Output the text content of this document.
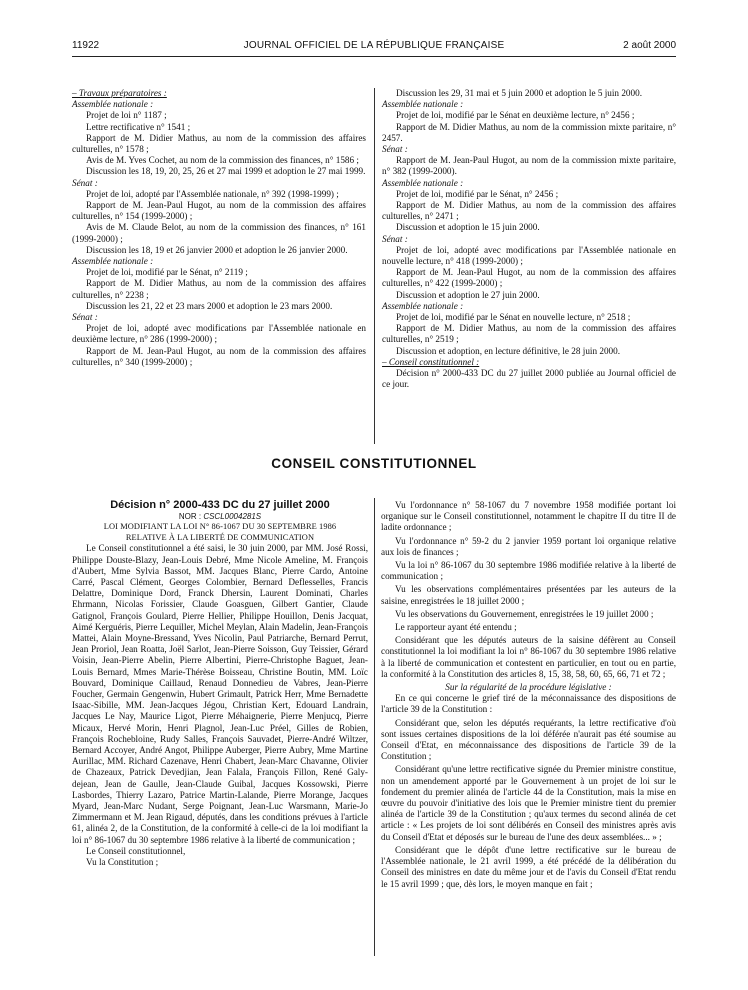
11922	JOURNAL OFFICIEL DE LA RÉPUBLIQUE FRANÇAISE	2 août 2000

– Travaux préparatoires :

Assemblée nationale :

Projet de loi n° 1187 ;

Lettre rectificative n° 1541 ;

Rapport de M. Didier Mathus, au nom de la commission des affaires culturelles, n° 1578 ;

Avis de M. Yves Cochet, au nom de la commission des finances, n° 1586 ;

Discussion les 18, 19, 20, 25, 26 et 27 mai 1999 et adoption le 27 mai 1999.

Sénat :

Projet de loi, adopté par l'Assemblée nationale, n° 392 (1998-1999) ;

Rapport de M. Jean-Paul Hugot, au nom de la commission des affaires culturelles, n° 154 (1999-2000) ;

Avis de M. Claude Belot, au nom de la commission des finances, n° 161 (1999-2000) ;

Discussion les 18, 19 et 26 janvier 2000 et adoption le 26 janvier 2000.

Assemblée nationale :

Projet de loi, modifié par le Sénat, n° 2119 ;

Rapport de M. Didier Mathus, au nom de la commission des affaires culturelles, n° 2238 ;

Discussion les 21, 22 et 23 mars 2000 et adoption le 23 mars 2000.

Sénat :

Projet de loi, adopté avec modifications par l'Assemblée nationale en deuxième lecture, n° 286 (1999-2000) ;

Rapport de M. Jean-Paul Hugot, au nom de la commission des affaires culturelles, n° 340 (1999-2000) ;

Discussion les 29, 31 mai et 5 juin 2000 et adoption le 5 juin 2000.

Assemblée nationale :

Projet de loi, modifié par le Sénat en deuxième lecture, n° 2456 ;

Rapport de M. Didier Mathus, au nom de la commission mixte paritaire, n° 2457.

Sénat :

Rapport de M. Jean-Paul Hugot, au nom de la commission mixte paritaire, n° 382 (1999-2000).

Assemblée nationale :

Projet de loi, modifié par le Sénat, n° 2456 ;

Rapport de M. Didier Mathus, au nom de la commission des affaires culturelles, n° 2471 ;

Discussion et adoption le 15 juin 2000.

Sénat :

Projet de loi, adopté avec modifications par l'Assemblée nationale en nouvelle lecture, n° 418 (1999-2000) ;

Rapport de M. Jean-Paul Hugot, au nom de la commission des affaires culturelles, n° 422 (1999-2000) ;

Discussion et adoption le 27 juin 2000.

Assemblée nationale :

Projet de loi, modifié par le Sénat en nouvelle lecture, n° 2518 ;

Rapport de M. Didier Mathus, au nom de la commission des affaires culturelles, n° 2519 ;

Discussion et adoption, en lecture définitive, le 28 juin 2000.

– Conseil constitutionnel :

Décision n° 2000-433 DC du 27 juillet 2000 publiée au Journal officiel de ce jour.

CONSEIL CONSTITUTIONNEL

Décision n° 2000-433 DC du 27 juillet 2000

NOR : CSCL0004281S

LOI MODIFIANT LA LOI N° 86-1067 DU 30 SEPTEMBRE 1986
RELATIVE À LA LIBERTÉ DE COMMUNICATION

Le Conseil constitutionnel a été saisi, le 30 juin 2000, par MM. José Rossi, Philippe Douste-Blazy, Jean-Louis Debré, Mme Nicole Ameline, M. François d'Aubert, Mme Sylvia Bassot, MM. Jacques Blanc, Pierre Cardo, Antoine Carré, Pascal Clément, Georges Colombier, Bernard Deflesselles, Francis Delattre, Dominique Dord, Franck Dhersin, Laurent Dominati, Charles Ehrmann, Nicolas Forissier, Claude Goasguen, Gilbert Gantier, Claude Gatignol, François Goulard, Pierre Hellier, Philippe Houillon, Denis Jacquat, Aimé Kerguéris, Pierre Lequiller, Michel Meylan, Alain Madelin, Jean-François Mattei, Alain Moyne-Bressand, Yves Nicolin, Paul Patriarche, Bernard Perrut, Jean Proriol, Jean Roatta, Joël Sarlot, Jean-Pierre Soisson, Guy Teissier, Gérard Voisin, Jean-Pierre Abelin, Pierre Albertini, Pierre-Christophe Baguet, Jean-Louis Bernard, Mmes Marie-Thérèse Boisseau, Christine Boutin, MM. Loïc Bouvard, Dominique Caillaud, Renaud Donnedieu de Vabres, Jean-Pierre Foucher, Germain Gengenwin, Hubert Grimault, Patrick Herr, Mme Bernadette Isaac-Sibille, MM. Jean-Jacques Jégou, Christian Kert, Edouard Landrain, Jacques Le Nay, Maurice Ligot, Pierre Méhaignerie, Pierre Menjucq, Pierre Micaux, Hervé Morin, Henri Plagnol, Jean-Luc Préel, Gilles de Robien, François Rochebloine, Rudy Salles, François Sauvadet, Pierre-André Wiltzer, Bernard Accoyer, André Angot, Philippe Auberger, Pierre Aubry, Mme Martine Aurillac, MM. Richard Cazenave, Henri Chabert, Jean-Marc Chavanne, Olivier de Chazeaux, Patrick Devedjian, Jean Falala, François Fillon, René Galy-dejean, Jean de Gaulle, Jean-Claude Guibal, Jacques Kossowski, Pierre Lasbordes, Thierry Lazaro, Patrice Martin-Lalande, Pierre Morange, Jacques Myard, Jean-Marc Nudant, Serge Poignant, Jean-Luc Warsmann, Marie-Jo Zimmermann et M. Jean Rigaud, députés, dans les conditions prévues à l'article 61, alinéa 2, de la Constitution, de la conformité à celle-ci de la loi modifiant la loi n° 86-1067 du 30 septembre 1986 relative à la liberté de communication ;

Le Conseil constitutionnel,

Vu la Constitution ;

Vu l'ordonnance n° 58-1067 du 7 novembre 1958 modifiée portant loi organique sur le Conseil constitutionnel, notamment le chapitre II du titre II de ladite ordonnance ;

Vu l'ordonnance n° 59-2 du 2 janvier 1959 portant loi organique relative aux lois de finances ;

Vu la loi n° 86-1067 du 30 septembre 1986 modifiée relative à la liberté de communication ;

Vu les observations complémentaires présentées par les auteurs de la saisine, enregistrées le 18 juillet 2000 ;

Vu les observations du Gouvernement, enregistrées le 19 juillet 2000 ;

Le rapporteur ayant été entendu ;

Considérant que les députés auteurs de la saisine défèrent au Conseil constitutionnel la loi modifiant la loi n° 86-1067 du 30 septembre 1986 relative à la liberté de communication et contestent en particulier, en tout ou en partie, la conformité à la Constitution des articles 8, 15, 38, 58, 60, 65, 66, 71 et 72 ;

Sur la régularité de la procédure législative :

En ce qui concerne le grief tiré de la méconnaissance des dispositions de l'article 39 de la Constitution :

Considérant que, selon les députés requérants, la lettre rectificative d'où sont issues certaines dispositions de la loi déférée n'aurait pas été soumise au Conseil d'Etat, en méconnaissance des dispositions de l'article 39 de la Constitution ;

Considérant qu'une lettre rectificative signée du Premier ministre constitue, non un amendement apporté par le Gouvernement à un projet de loi sur le fondement du premier alinéa de l'article 44 de la Constitution, mais la mise en œuvre du pouvoir d'initiative des lois que le Premier ministre tient du premier alinéa de l'article 39 de la Constitution ; qu'aux termes du second alinéa de cet article : « Les projets de loi sont délibérés en Conseil des ministres après avis du Conseil d'Etat et déposés sur le bureau de l'une des deux assemblées... » ;

Considérant que le dépôt d'une lettre rectificative sur le bureau de l'Assemblée nationale, le 21 avril 1999, a été précédé de la délibération du Conseil des ministres en date du même jour et de l'avis du Conseil d'Etat rendu le 15 avril 1999 ; que, dès lors, le moyen manque en fait ;
